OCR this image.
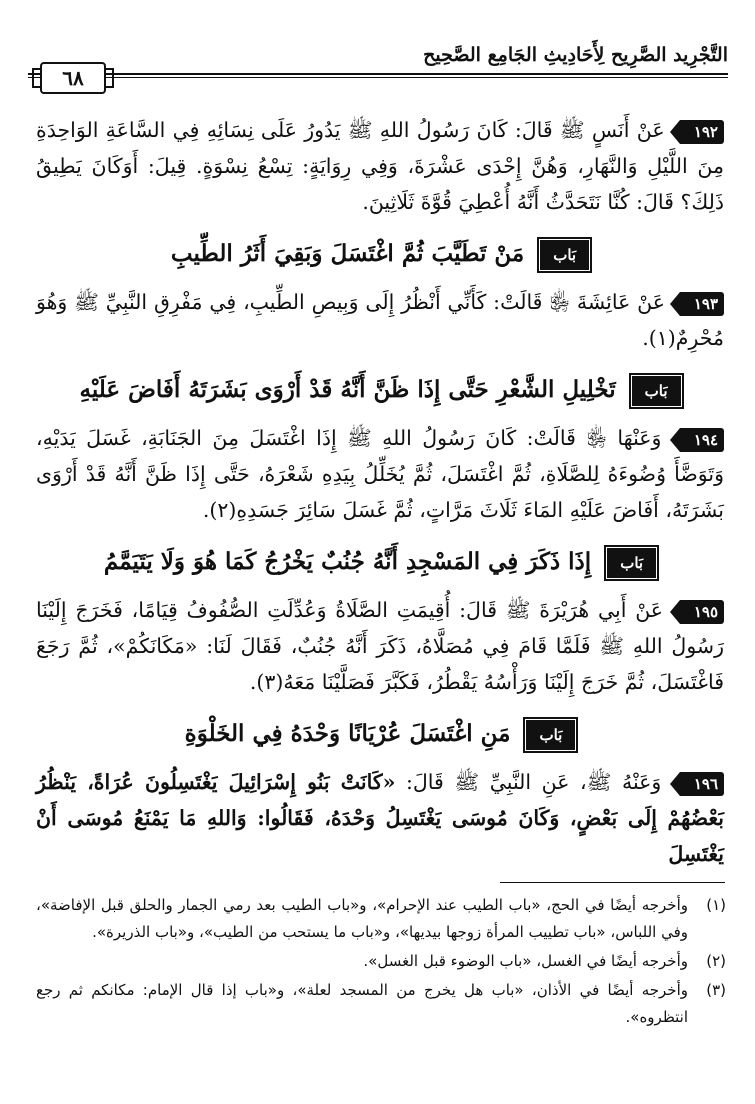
التَّجْرِيد الصَّرِيح لِأَحَادِيثِ الجَامِع الصَّحِيح
٦٨

١٩٢ عَنْ أَنَسٍ ﷺ قَالَ: كَانَ رَسُولُ اللهِ ﷺ يَدُورُ عَلَى نِسَائِهِ فِي السَّاعَةِ الوَاحِدَةِ مِنَ اللَّيْلِ وَالنَّهَارِ، وَهُنَّ إِحْدَى عَشْرَةَ، وَفِي رِوَايَةٍ: تِسْعُ نِسْوَةٍ. قِيلَ: أَوَكَانَ يَطِيقُ ذَلِكَ؟ قَالَ: كُنَّا نَتَحَدَّثُ أَنَّهُ أُعْطِيَ قُوَّةَ ثَلَاثِينَ.

بَاب مَنْ تَطَيَّبَ ثُمَّ اغْتَسَلَ وَبَقِيَ أَثَرُ الطِّيبِ

١٩٣ عَنْ عَائِشَةَ ﵂ قَالَتْ: كَأَنِّي أَنْظُرُ إِلَى وَبِيصِ الطِّيبِ، فِي مَفْرِقِ النَّبِيِّ ﷺ وَهُوَ مُحْرِمٌ(١).

بَاب تَخْلِيلِ الشَّعْرِ حَتَّى إِذَا ظَنَّ أَنَّهُ قَدْ أَرْوَى بَشَرَتَهُ أَفَاضَ عَلَيْهِ

١٩٤ وَعَنْهَا ﵂ قَالَتْ: كَانَ رَسُولُ اللهِ ﷺ إِذَا اغْتَسَلَ مِنَ الجَنَابَةِ، غَسَلَ يَدَيْهِ، وَتَوَضَّأَ وُضُوءَهُ لِلصَّلَاةِ، ثُمَّ اغْتَسَلَ، ثُمَّ يُخَلِّلُ بِيَدِهِ شَعْرَهُ، حَتَّى إِذَا ظَنَّ أَنَّهُ قَدْ أَرْوَى بَشَرَتَهُ، أَفَاضَ عَلَيْهِ المَاءَ ثَلَاثَ مَرَّاتٍ، ثُمَّ غَسَلَ سَائِرَ جَسَدِهِ(٢).

بَاب إِذَا ذَكَرَ فِي المَسْجِدِ أَنَّهُ جُنُبٌ يَخْرُجُ كَمَا هُوَ وَلَا يَتَيَمَّمُ

١٩٥ عَنْ أَبِي هُرَيْرَةَ ﷺ قَالَ: أُقِيمَتِ الصَّلَاةُ وَعُدِّلَتِ الصُّفُوفُ قِيَامًا، فَخَرَجَ إِلَيْنَا رَسُولُ اللهِ ﷺ فَلَمَّا قَامَ فِي مُصَلَّاهُ، ذَكَرَ أَنَّهُ جُنُبٌ، فَقَالَ لَنَا: «مَكَانَكُمْ»، ثُمَّ رَجَعَ فَاغْتَسَلَ، ثُمَّ خَرَجَ إِلَيْنَا وَرَأْسُهُ يَقْطُرُ، فَكَبَّرَ فَصَلَّيْنَا مَعَهُ(٣).

بَاب مَنِ اغْتَسَلَ عُرْيَانًا وَحْدَهُ فِي الخَلْوَةِ

١٩٦ وَعَنْهُ ﷺ، عَنِ النَّبِيِّ ﷺ قَالَ: «كَانَتْ بَنُو إِسْرَائِيلَ يَغْتَسِلُونَ عُرَاةً، يَنْظُرُ بَعْضُهُمْ إِلَى بَعْضٍ، وَكَانَ مُوسَى يَغْتَسِلُ وَحْدَهُ، فَقَالُوا: وَاللهِ مَا يَمْنَعُ مُوسَى أَنْ يَغْتَسِلَ

(١)
وأخرجه أيضًا في الحج، «باب الطيب عند الإحرام»، و«باب الطيب بعد رمي الجمار والحلق قبل الإفاضة»، وفي اللباس، «باب تطييب المرأة زوجها بيديها»، و«باب ما يستحب من الطيب»، و«باب الذريرة».
(٢)
وأخرجه أيضًا في الغسل، «باب الوضوء قبل الغسل».
(٣)
وأخرجه أيضًا في الأذان، «باب هل يخرج من المسجد لعلة»، و«باب إذا قال الإمام: مكانكم ثم رجع انتظروه».
